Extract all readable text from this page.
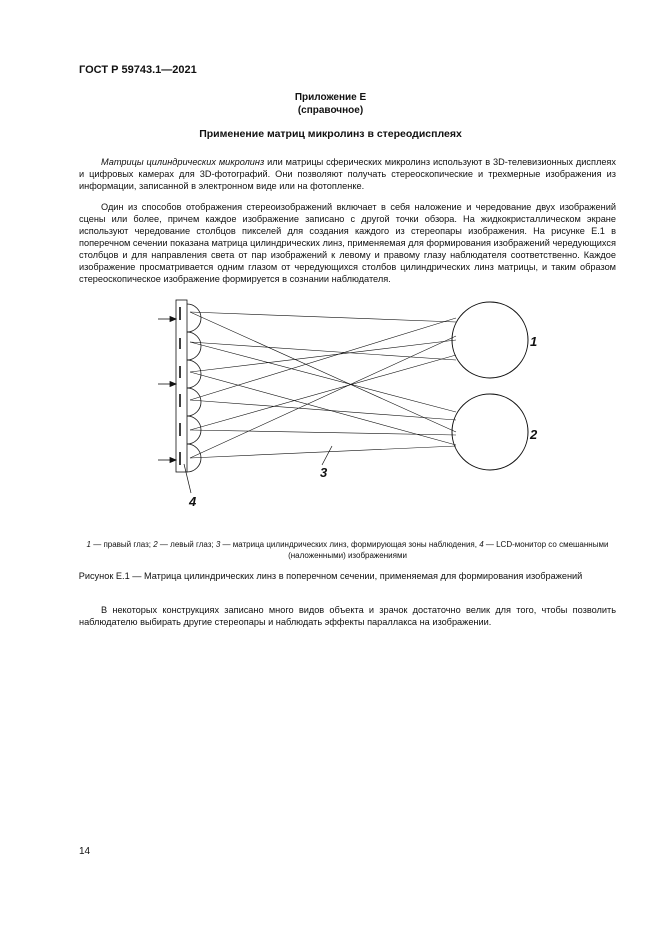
ГОСТ Р 59743.1—2021
Приложение Е
(справочное)
Применение матриц микролинз в стереодисплеях

Матрицы цилиндрических микролинз или матрицы сферических микролинз используют в 3D-телевизионных дисплеях и цифровых камерах для 3D-фотографий. Они позволяют получать стереоскопические и трехмерные изображения из информации, записанной в электронном виде или на фотопленке.

Один из способов отображения стереоизображений включает в себя наложение и чередование двух изображений сцены или более, причем каждое изображение записано с другой точки обзора. На жидкокристаллическом экране используют чередование столбцов пикселей для создания каждого из стереопары изображения. На рисунке Е.1 в поперечном сечении показана матрица цилиндрических линз, применяемая для формирования изображений чередующихся столбцов и для направления света от пар изображений к левому и правому глазу наблюдателя соответственно. Каждое изображение просматривается одним глазом от чередующихся столбов цилиндрических линз матрицы, и таким образом стереоскопическое изображение формируется в сознании наблюдателя.

1
2
3
4

1 — правый глаз; 2 — левый глаз; 3 — матрица цилиндрических линз, формирующая зоны наблюдения, 4 — LCD-монитор со смешанными (наложенными) изображениями

Рисунок Е.1 — Матрица цилиндрических линз в поперечном сечении, применяемая для формирования изображений

В некоторых конструкциях записано много видов объекта и зрачок достаточно велик для того, чтобы позволить наблюдателю выбирать другие стереопары и наблюдать эффекты параллакса на изображении.

14
